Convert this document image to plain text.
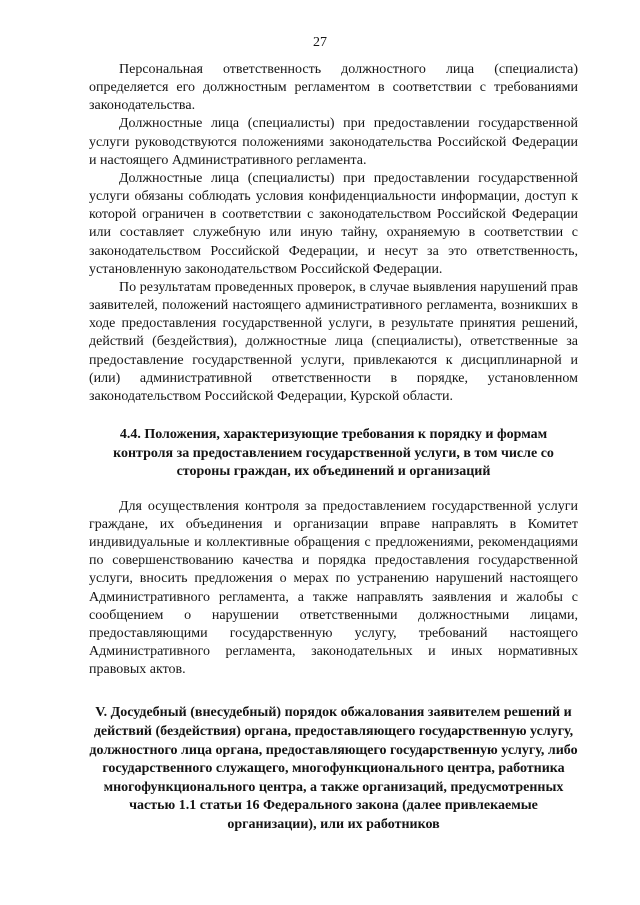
27

Персональная ответственность должностного лица (специалиста) определяется его должностным регламентом в соответствии с требованиями законодательства.

Должностные лица (специалисты) при предоставлении государственной услуги руководствуются положениями законодательства Российской Федерации и настоящего Административного регламента.

Должностные лица (специалисты) при предоставлении государственной услуги обязаны соблюдать условия конфиденциальности информации, доступ к которой ограничен в соответствии с законодательством Российской Федерации или составляет служебную или иную тайну, охраняемую в соответствии с законодательством Российской Федерации, и несут за это ответственность, установленную законодательством Российской Федерации.

По результатам проведенных проверок, в случае выявления нарушений прав заявителей, положений настоящего административного регламента, возникших в ходе предоставления государственной услуги, в результате принятия решений, действий (бездействия), должностные лица (специалисты), ответственные за предоставление государственной услуги, привлекаются к дисциплинарной и (или) административной ответственности в порядке, установленном законодательством Российской Федерации, Курской области.

4.4. Положения, характеризующие требования к порядку и формам контроля за предоставлением государственной услуги, в том числе со стороны граждан, их объединений и организаций

Для осуществления контроля за предоставлением государственной услуги граждане, их объединения и организации вправе направлять в Комитет индивидуальные и коллективные обращения с предложениями, рекомендациями по совершенствованию качества и порядка предоставления государственной услуги, вносить предложения о мерах по устранению нарушений настоящего Административного регламента, а также направлять заявления и жалобы с сообщением о нарушении ответственными должностными лицами, предоставляющими государственную услугу, требований настоящего Административного регламента, законодательных и иных нормативных правовых актов.

V. Досудебный (внесудебный) порядок обжалования заявителем решений и действий (бездействия) органа, предоставляющего государственную услугу, должностного лица органа, предоставляющего государственную услугу, либо государственного служащего, многофункционального центра, работника многофункционального центра, а также организаций, предусмотренных частью 1.1 статьи 16 Федерального закона (далее привлекаемые организации), или их работников
